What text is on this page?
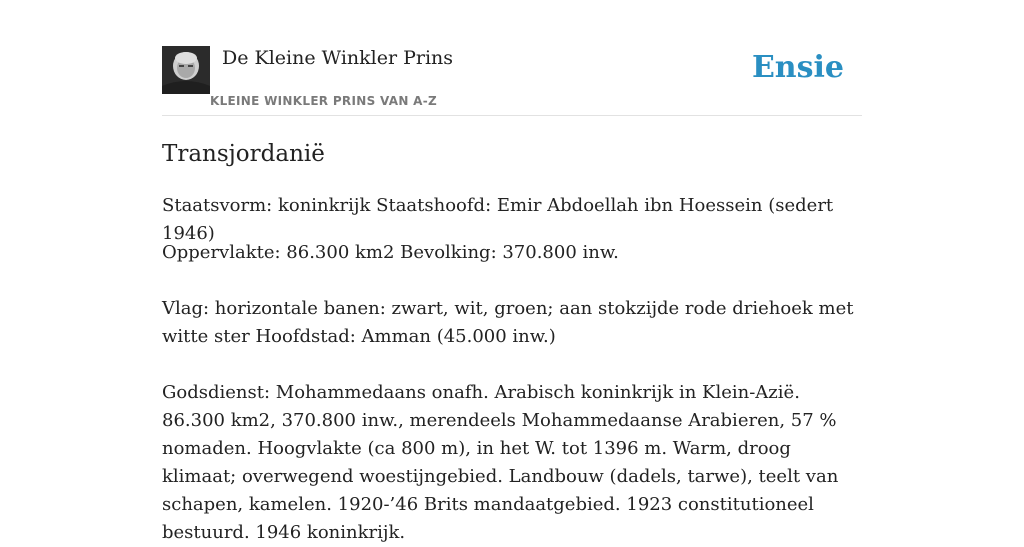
De Kleine Winkler Prins
KLEINE WINKLER PRINS VAN A-Z
Ensie
Transjordanië

Staatsvorm: koninkrijk Staatshoofd: Emir Abdoellah ibn Hoessein (sedert 1946)

Oppervlakte: 86.300 km2 Bevolking: 370.800 inw.

Vlag: horizontale banen: zwart, wit, groen; aan stokzijde rode driehoek met witte ster Hoofdstad: Amman (45.000 inw.)

Godsdienst: Mohammedaans onafh. Arabisch koninkrijk in Klein-Azië. 86.300 km2, 370.800 inw., merendeels Mohammedaanse Arabieren, 57 % nomaden. Hoogvlakte (ca 800 m), in het W. tot 1396 m. Warm, droog klimaat; overwegend woestijngebied. Landbouw (dadels, tarwe), teelt van schapen, kamelen. 1920-’46 Brits mandaatgebied. 1923 constitutioneel bestuurd. 1946 koninkrijk.
